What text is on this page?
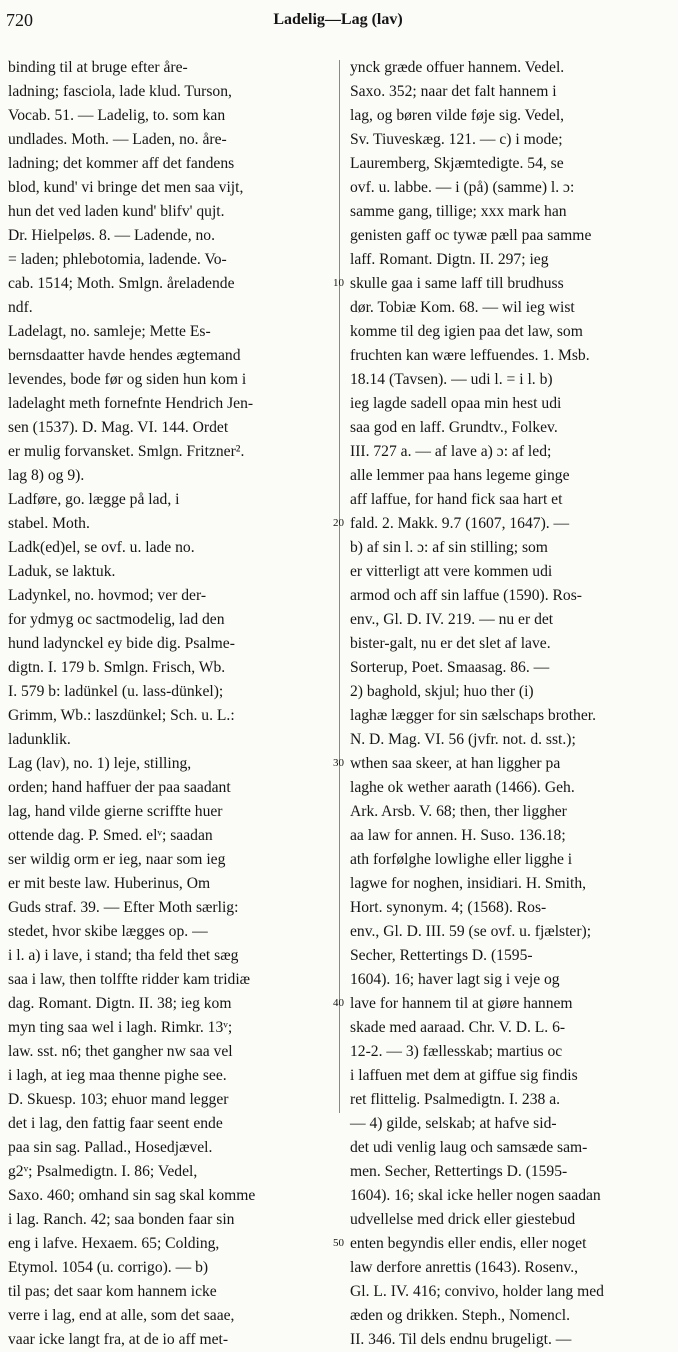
720	Ladelig—Lag (lav)
binding til at bruge efter åre-
ladning; fasciola, lade klud. Turson,
Vocab. 51. — Ladelig, to. som kan
undlades. Moth. — Laden, no. åre-
ladning; det kommer aff det fandens
blod, kund' vi bringe det men saa vijt,
hun det ved laden kund' blifv' qujt.
Dr. Hielpeløs. 8. — Ladende, no.
= laden; phlebotomia, ladende. Vo-
cab. 1514; Moth. Smlgn. åreladende
ndf.
Ladelagt, no. samleje; Mette Es-
bernsdaatter havde hendes ægtemand
levendes, bode før og siden hun kom i
ladelaght meth fornefnte Hendrich Jen-
sen (1537). D. Mag. VI. 144. Ordet
er mulig forvansket. Smlgn. Fritzner².
lag 8) og 9).
Ladføre, go. lægge på lad, i
stabel. Moth.
Ladk(ed)el, se ovf. u. lade no.
Laduk, se laktuk.
Ladynkel, no. hovmod; ver der-
for ydmyg oc sactmodelig, lad den
hund ladynckel ey bide dig. Psalme-
digtn. I. 179 b. Smlgn. Frisch, Wb.
I. 579 b: ladünkel (u. lass-dünkel);
Grimm, Wb.: laszdünkel; Sch. u. L.:
ladunklik.
Lag (lav), no. 1) leje, stilling,
orden; hand haffuer der paa saadant
lag, hand vilde gierne scriffte huer
ottende dag. P. Smed. elᵛ; saadan
ser wildig orm er ieg, naar som ieg
er mit beste law. Huberinus, Om
Guds straf. 39. — Efter Moth særlig:
stedet, hvor skibe lægges op. —
i l. a) i lave, i stand; tha feld thet sæg
saa i law, then tolffte ridder kam tridiæ
dag. Romant. Digtn. II. 38; ieg kom
myn ting saa wel i lagh. Rimkr. 13ᵛ;
law. sst. n6; thet gangher nw saa vel
i lagh, at ieg maa thenne pighe see.
D. Skuesp. 103; ehuor mand legger
det i lag, den fattig faar seent ende
paa sin sag. Pallad., Hosedjævel.
g2ᵛ; Psalmedigtn. I. 86; Vedel,
Saxo. 460; omhand sin sag skal komme
i lag. Ranch. 42; saa bonden faar sin
eng i lafve. Hexaem. 65; Colding,
Etymol. 1054 (u. corrigo). — b)
til pas; det saar kom hannem icke
verre i lag, end at alle, som det saae,
vaar icke langt fra, at de io aff met-
ynck græde offuer hannem. Vedel.
Saxo. 352; naar det falt hannem i
lag, og børen vilde føje sig. Vedel,
Sv. Tiuveskæg. 121. — c) i mode;
Lauremberg, Skjæmtedigte. 54, se
ovf. u. labbe. — i (på) (samme) l. ɔ:
samme gang, tillige; xxx mark han
genisten gaff oc tywæ pæll paa samme
laff. Romant. Digtn. II. 297; ieg
skulle gaa i same laff till brudhuss
dør. Tobiæ Kom. 68. — wil ieg wist
komme til deg igien paa det law, som
fruchten kan wære leffuendes. 1. Msb.
18.14 (Tavsen). — udi l. = i l. b)
ieg lagde sadell opaa min hest udi
saa god en laff. Grundtv., Folkev.
III. 727 a. — af lave a) ɔ: af led;
alle lemmer paa hans legeme ginge
aff laffue, for hand fick saa hart et
fald. 2. Makk. 9.7 (1607, 1647). —
b) af sin l. ɔ: af sin stilling; som
er vitterligt att vere kommen udi
armod och aff sin laffue (1590). Ros-
env., Gl. D. IV. 219. — nu er det
bister-galt, nu er det slet af lave.
Sorterup, Poet. Smaasag. 86. —
2) baghold, skjul; huo ther (i)
laghæ lægger for sin sælschaps brother.
N. D. Mag. VI. 56 (jvfr. not. d. sst.);
wthen saa skeer, at han liggher pa
laghe ok wether aarath (1466). Geh.
Ark. Arsb. V. 68; then, ther liggher
aa law for annen. H. Suso. 136.18;
ath forfølghe lowlighe eller ligghe i
lagwe for noghen, insidiari. H. Smith,
Hort. synonym. 4; (1568). Ros-
env., Gl. D. III. 59 (se ovf. u. fjælster);
Secher, Rettertings D. (1595-
1604). 16; haver lagt sig i veje og
lave for hannem til at giøre hannem
skade med aaraad. Chr. V. D. L. 6-
12-2. — 3) fællesskab; martius oc
i laffuen met dem at giffue sig findis
ret flittelig. Psalmedigtn. I. 238 a.
— 4) gilde, selskab; at hafve sid-
det udi venlig laug och samsæde sam-
men. Secher, Rettertings D. (1595-
1604). 16; skal icke heller nogen saadan
udvellelse med drick eller giestebud
enten begyndis eller endis, eller noget
law derfore anrettis (1643). Rosenv.,
Gl. L. IV. 416; convivo, holder lang med
æden og drikken. Steph., Nomencl.
II. 346. Til dels endnu brugeligt. —
10
20
30
40
50
